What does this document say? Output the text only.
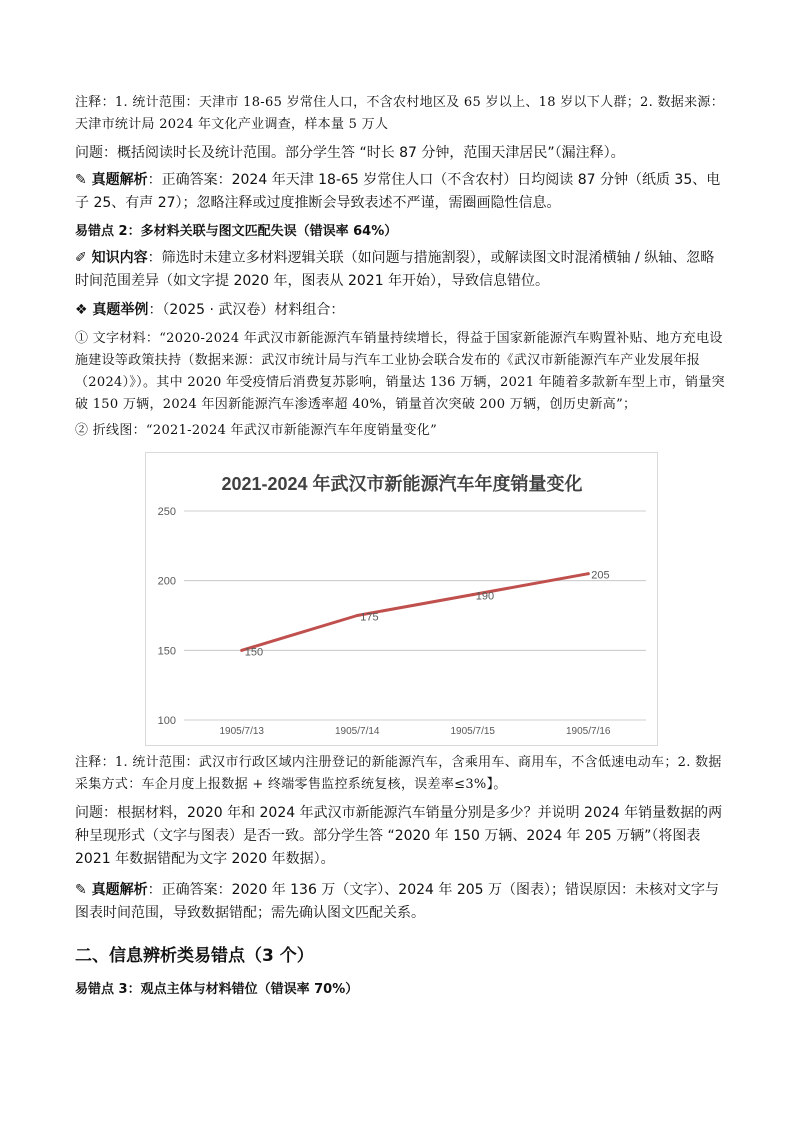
注释：1. 统计范围：天津市 18-65 岁常住人口，不含农村地区及 65 岁以上、18 岁以下人群；2. 数据来源：天津市统计局 2024 年文化产业调查，样本量 5 万人

问题：概括阅读时长及统计范围。部分学生答 “时长 87 分钟，范围天津居民”（漏注释）。

✎ 真题解析：正确答案：2024 年天津 18-65 岁常住人口（不含农村）日均阅读 87 分钟（纸质 35、电子 25、有声 27）；忽略注释或过度推断会导致表述不严谨，需圈画隐性信息。

易错点 2：多材料关联与图文匹配失误（错误率 64%）

✐ 知识内容：筛选时未建立多材料逻辑关联（如问题与措施割裂），或解读图文时混淆横轴 / 纵轴、忽略时间范围差异（如文字提 2020 年，图表从 2021 年开始），导致信息错位。

❖ 真题举例：（2025 · 武汉卷）材料组合：

① 文字材料：“2020-2024 年武汉市新能源汽车销量持续增长，得益于国家新能源汽车购置补贴、地方充电设施建设等政策扶持（数据来源：武汉市统计局与汽车工业协会联合发布的《武汉市新能源汽车产业发展年报（2024）》）。其中 2020 年受疫情后消费复苏影响，销量达 136 万辆，2021 年随着多款新车型上市，销量突破 150 万辆，2024 年因新能源汽车渗透率超 40%，销量首次突破 200 万辆，创历史新高”；

② 折线图：“2021-2024 年武汉市新能源汽车年度销量变化”

2021-2024 年武汉市新能源汽车年度销量变化
100
150
200
250
1905/7/13	1905/7/14	1905/7/15	1905/7/16
150
175
190
205

注释：1. 统计范围：武汉市行政区域内注册登记的新能源汽车，含乘用车、商用车，不含低速电动车；2. 数据采集方式：车企月度上报数据 + 终端零售监控系统复核，误差率≤3%】。

问题：根据材料，2020 年和 2024 年武汉市新能源汽车销量分别是多少？并说明 2024 年销量数据的两种呈现形式（文字与图表）是否一致。部分学生答 “2020 年 150 万辆、2024 年 205 万辆”（将图表 2021 年数据错配为文字 2020 年数据）。

✎ 真题解析：正确答案：2020 年 136 万（文字）、2024 年 205 万（图表）；错误原因：未核对文字与图表时间范围，导致数据错配；需先确认图文匹配关系。

二、信息辨析类易错点（3 个）

易错点 3：观点主体与材料错位（错误率 70%）
